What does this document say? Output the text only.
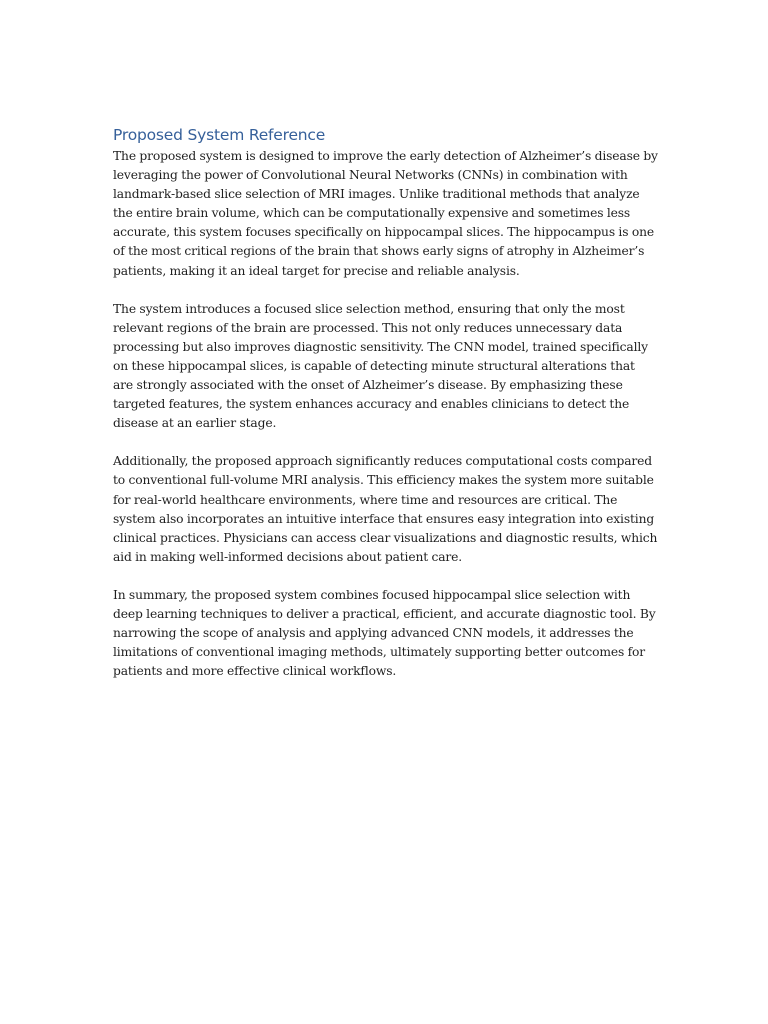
Proposed System Reference

The proposed system is designed to improve the early detection of Alzheimer’s disease by leveraging the power of Convolutional Neural Networks (CNNs) in combination with landmark-based slice selection of MRI images. Unlike traditional methods that analyze the entire brain volume, which can be computationally expensive and sometimes less accurate, this system focuses specifically on hippocampal slices. The hippocampus is one of the most critical regions of the brain that shows early signs of atrophy in Alzheimer’s patients, making it an ideal target for precise and reliable analysis.

The system introduces a focused slice selection method, ensuring that only the most relevant regions of the brain are processed. This not only reduces unnecessary data processing but also improves diagnostic sensitivity. The CNN model, trained specifically on these hippocampal slices, is capable of detecting minute structural alterations that are strongly associated with the onset of Alzheimer’s disease. By emphasizing these targeted features, the system enhances accuracy and enables clinicians to detect the disease at an earlier stage.

Additionally, the proposed approach significantly reduces computational costs compared to conventional full-volume MRI analysis. This efficiency makes the system more suitable for real-world healthcare environments, where time and resources are critical. The system also incorporates an intuitive interface that ensures easy integration into existing clinical practices. Physicians can access clear visualizations and diagnostic results, which aid in making well-informed decisions about patient care.

In summary, the proposed system combines focused hippocampal slice selection with deep learning techniques to deliver a practical, efficient, and accurate diagnostic tool. By narrowing the scope of analysis and applying advanced CNN models, it addresses the limitations of conventional imaging methods, ultimately supporting better outcomes for patients and more effective clinical workflows.
